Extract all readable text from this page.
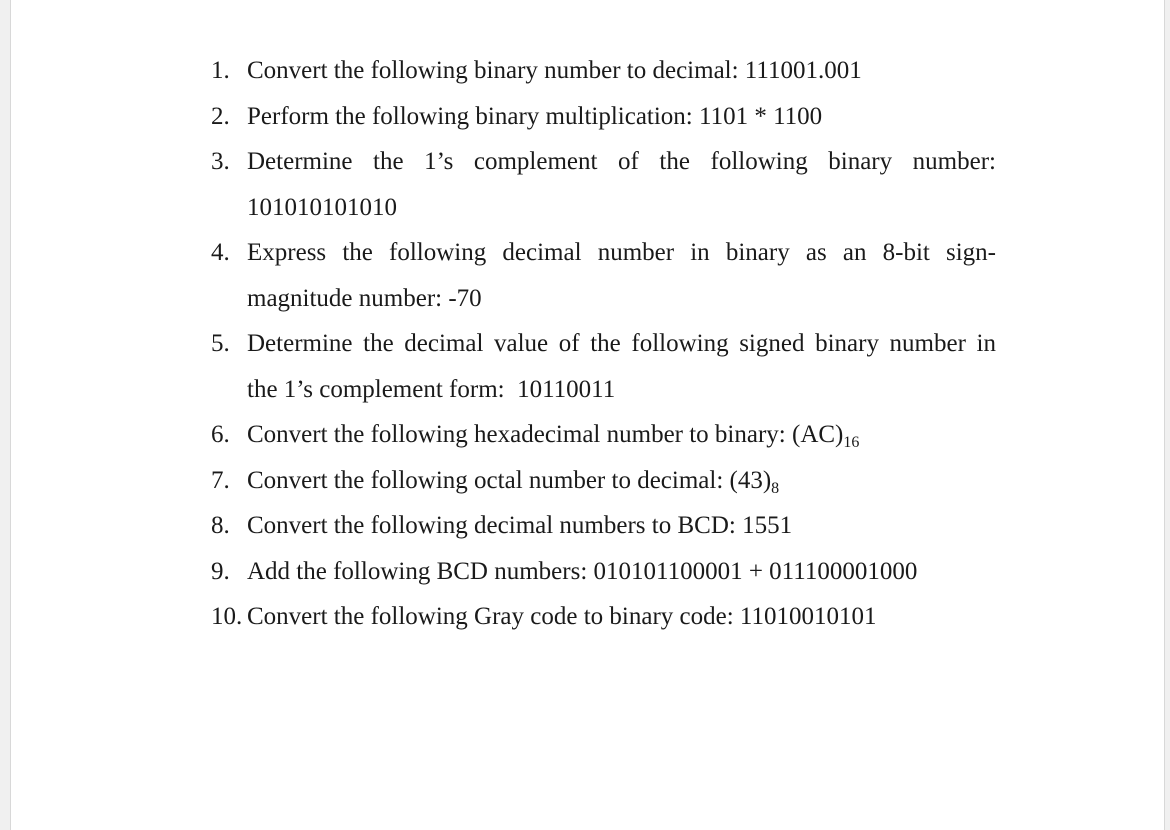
1. Convert the following binary number to decimal: 111001.001
2. Perform the following binary multiplication: 1101 * 1100
3. Determine the 1’s complement of the following binary number:
101010101010
4. Express the following decimal number in binary as an 8-bit sign-
magnitude number: -70
5. Determine the decimal value of the following signed binary number in
the 1’s complement form:  10110011
6. Convert the following hexadecimal number to binary: $(AC)_{16}$
7. Convert the following octal number to decimal: $(43)_8$
8. Convert the following decimal numbers to BCD: 1551
9. Add the following BCD numbers: 010101100001 + 011100001000
10. Convert the following Gray code to binary code: 11010010101
